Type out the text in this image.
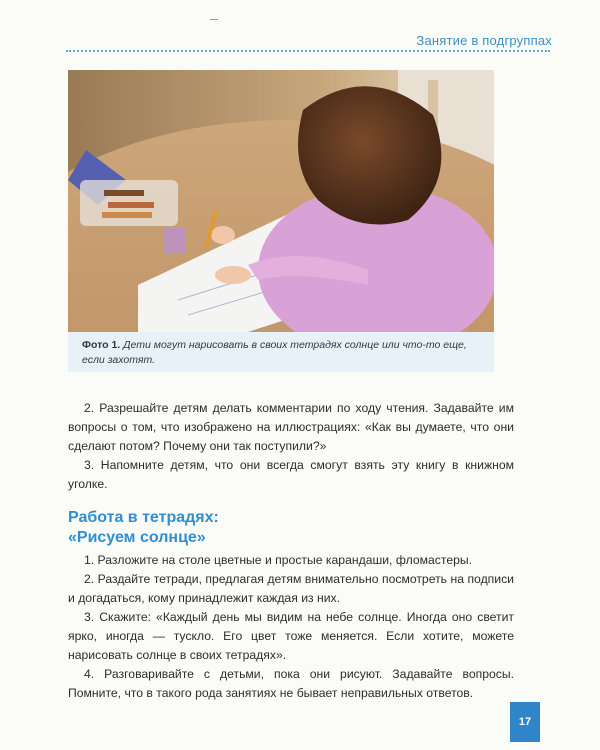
Занятие в подгруппах
Фото 1. Дети могут нарисовать в своих тетрадях солнце или что-то еще, если захотят.

2. Разрешайте детям делать комментарии по ходу чтения. Задавайте им вопросы о том, что изображено на иллюстрациях: «Как вы думаете, что они сделают потом? Почему они так поступили?»

3. Напомните детям, что они всегда смогут взять эту книгу в книжном уголке.

Работа в тетрадях:
«Рисуем солнце»

1. Разложите на столе цветные и простые карандаши, фломастеры.

2. Раздайте тетради, предлагая детям внимательно посмотреть на подписи и догадаться, кому принадлежит каждая из них.

3. Скажите: «Каждый день мы видим на небе солнце. Иногда оно светит ярко, иногда — тускло. Его цвет тоже меняется. Если хотите, можете нарисовать солнце в своих тетрадях».

4. Разговаривайте с детьми, пока они рисуют. Задавайте вопросы. Помните, что в такого рода занятиях не бывает неправильных ответов.

17
